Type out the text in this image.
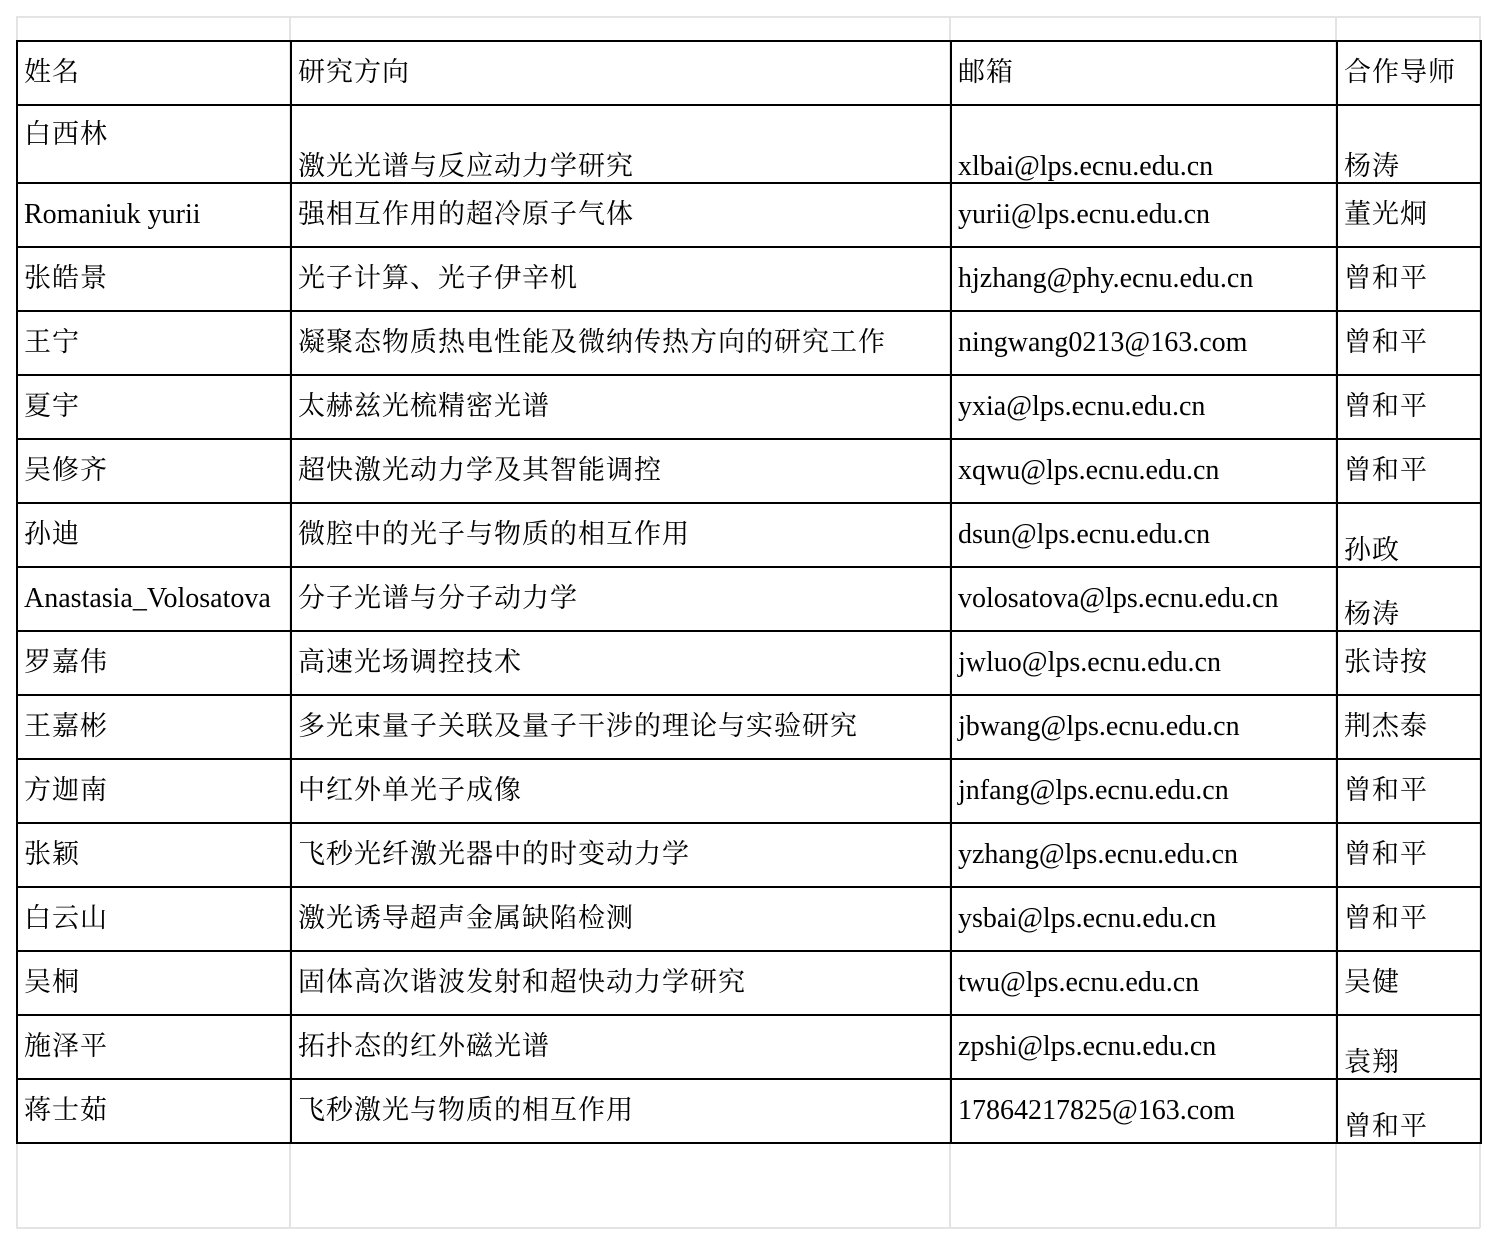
姓名	研究方向	邮箱	合作导师
白西林	激光光谱与反应动力学研究	xlbai@lps.ecnu.edu.cn	杨涛
Romaniuk yurii	强相互作用的超冷原子气体	yurii@lps.ecnu.edu.cn	董光炯
张皓景	光子计算、光子伊辛机	hjzhang@phy.ecnu.edu.cn	曾和平
王宁	凝聚态物质热电性能及微纳传热方向的研究工作	ningwang0213@163.com	曾和平
夏宇	太赫兹光梳精密光谱	yxia@lps.ecnu.edu.cn	曾和平
吴修齐	超快激光动力学及其智能调控	xqwu@lps.ecnu.edu.cn	曾和平
孙迪	微腔中的光子与物质的相互作用	dsun@lps.ecnu.edu.cn	孙政
Anastasia_Volosatova	分子光谱与分子动力学	volosatova@lps.ecnu.edu.cn	杨涛
罗嘉伟	高速光场调控技术	jwluo@lps.ecnu.edu.cn	张诗按
王嘉彬	多光束量子关联及量子干涉的理论与实验研究	jbwang@lps.ecnu.edu.cn	荆杰泰
方迦南	中红外单光子成像	jnfang@lps.ecnu.edu.cn	曾和平
张颖	飞秒光纤激光器中的时变动力学	yzhang@lps.ecnu.edu.cn	曾和平
白云山	激光诱导超声金属缺陷检测	ysbai@lps.ecnu.edu.cn	曾和平
吴桐	固体高次谐波发射和超快动力学研究	twu@lps.ecnu.edu.cn	吴健
施泽平	拓扑态的红外磁光谱	zpshi@lps.ecnu.edu.cn	袁翔
蒋士茹	飞秒激光与物质的相互作用	17864217825@163.com	曾和平
